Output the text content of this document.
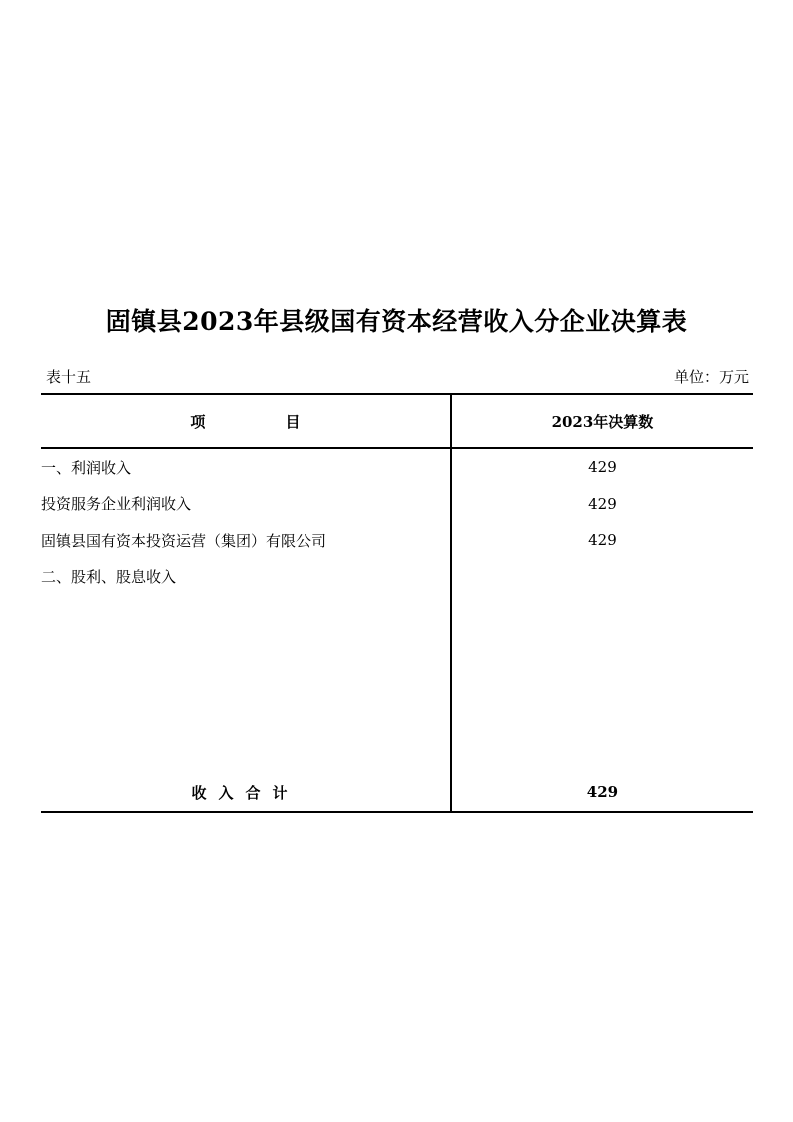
固镇县2023年县级国有资本经营收入分企业决算表
表十五	单位：万元
项 目	2023年决算数
一、利润收入	429
投资服务企业利润收入	429
固镇县国有资本投资运营（集团）有限公司	429
二、股利、股息收入	

收入合计	429
